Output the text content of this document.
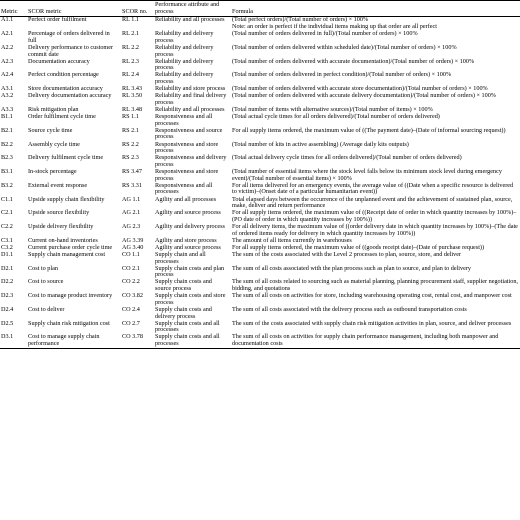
Metric	SCOR metric	SCOR no.	Performance attribute and process	Formula
A1.1	Perfect order fulfilment	RL 1.1	Reliability and all processes	(Total perfect orders)/(Total number of orders) × 100%
Note: an order is perfect if the individual items making up that order are all perfect
A2.1	Percentage of orders delivered in full	RL 2.1	Reliability and delivery process	(Total number of orders delivered in full)/(Total number of orders) × 100%
A2.2	Delivery performance to customer commit date	RL 2.2	Reliability and delivery process	(Total number of orders delivered within scheduled date)/(Total number of orders) × 100%
A2.3	Documentation accuracy	RL 2.3	Reliability and delivery process	(Total number of orders delivered with accurate documentation)/(Total number of orders) × 100%
A2.4	Perfect condition percentage	RL 2.4	Reliability and delivery process	(Total number of orders delivered in perfect condition)/(Total number of orders) × 100%
A3.1	Store documentation accuracy	RL 3.43	Reliability and store process	(Total number of orders delivered with accurate store documentation)/(Total number of orders) × 100%
A3.2	Delivery documentation accuracy	RL 3.50	Reliability and final delivery process	(Total number of orders delivered with accurate delivery documentation)/(Total number of orders) × 100%
A3.3	Risk mitigation plan	RL 3.48	Reliability and all processes	(Total number of items with alternative sources)/(Total number of items) × 100%
B1.1	Order fulfilment cycle time	RS 1.1	Responsiveness and all processes	(Total actual cycle times for all orders delivered)/(Total number of orders delivered)
B2.1	Source cycle time	RS 2.1	Responsiveness and source process	For all supply items ordered, the maximum value of ((The payment date)–(Date of informal sourcing request))
B2.2	Assembly cycle time	RS 2.2	Responsiveness and store process	(Total number of kits in active assembling) (Average daily kits outputs)
B2.3	Delivery fulfilment cycle time	RS 2.3	Responsiveness and delivery process	(Total actual delivery cycle times for all orders delivered)/(Total number of orders delivered)
B3.1	In-stock percentage	RS 3.47	Responsiveness and store process	(Total number of essential items where the stock level falls below its minimum stock level during emergency event)/(Total number of essential items) × 100%
B3.2	External event response	RS 3.31	Responsiveness and all processes	For all items delivered for an emergency events, the average value of ((Date when a specific resource is delivered to victim)–(Onset date of a particular humanitarian event))
C1.1	Upside supply chain flexibility	AG 1.1	Agility and all processes	Total elapsed days between the occurrence of the unplanned event and the achievement of sustained plan, source, make, deliver and return performance
C2.1	Upside source flexibility	AG 2.1	Agility and source process	For all supply items ordered, the maximum value of ((Receipt date of order in which quantity increases by 100%)–(PO date of order in which quantity increases by 100%))
C2.2	Upside delivery flexibility	AG 2.3	Agility and delivery process	For all delivery items, the maximum value of ((order delivery date in which quantity increases by 100%)–(The date of ordered items ready for delivery in which quantity increases by 100%))
C3.1	Current on-hand inventories	AG 3.39	Agility and store process	The amount of all items currently in warehouses
C3.2	Current purchase order cycle time	AG 3.40	Agility and source process	For all supply items ordered, the maximum value of ((goods receipt date)–(Date of purchase request))
D1.1	Supply chain management cost	CO 1.1	Supply chain and all processes	The sum of the costs associated with the Level 2 processes to plan, source, store, and deliver
D2.1	Cost to plan	CO 2.1	Supply chain costs and plan process	The sum of all costs associated with the plan process such as plan to source, and plan to delivery
D2.2	Cost to source	CO 2.2	Supply chain costs and source process	The sum of all costs related to sourcing such as material planning, planning procurement staff, supplier negotiation, bidding, and quotations
D2.3	Cost to manage product inventory	CO 3.82	Supply chain costs and store process	The sum of all costs on activities for store, including warehousing operating cost, rental cost, and manpower cost
D2.4	Cost to deliver	CO 2.4	Supply chain costs and delivery process	The sum of all costs associated with the delivery process such as outbound transportation costs
D2.5	Supply chain risk mitigation cost	CO 2.7	Supply chain costs and all processes	The sum of the costs associated with supply chain risk mitigation activities in plan, source, and deliver processes
D3.1	Cost to manage supply chain performance	CO 3.78	Supply chain costs and all processes	The sum of all costs on activities for supply chain performance management, including both manpower and documentation costs
